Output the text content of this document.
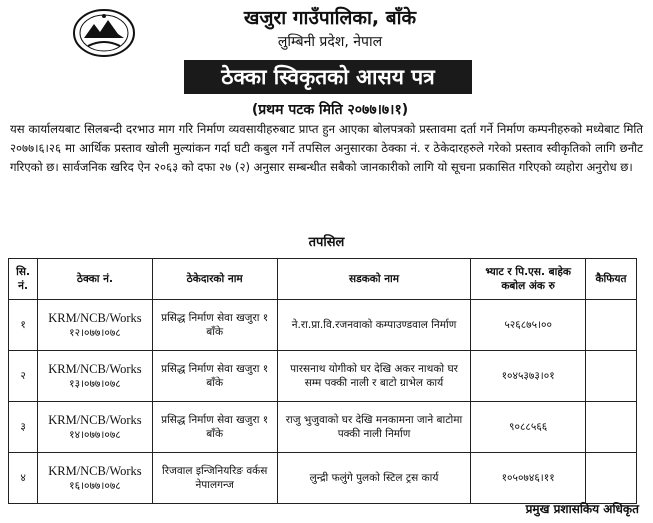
खजुरा गाउँपालिका, बाँके
लुम्बिनी प्रदेश, नेपाल
ठेक्का स्विकृतको आसय पत्र
(प्रथम पटक मिति २०७७।७।१)
यस कार्यालयबाट सिलबन्दी दरभाउ माग गरि निर्माण व्यवसायीहरुबाट प्राप्त हुन आएका बोलपत्रको प्रस्तावमा दर्ता गर्ने निर्माण कम्पनीहरुको मध्येबाट मिति २०७७।६।२६ मा आर्थिक प्रस्ताव खोली मुल्यांकन गर्दा घटी कबुल गर्ने तपसिल अनुसारका ठेक्का नं. र ठेकेदारहरुले गरेको प्रस्ताव स्वीकृतिको लागि छनौट गरिएको छ। सार्वजनिक खरिद ऐन २०६३ को दफा २७ (२) अनुसार सम्बन्धीत सबैको जानकारीको लागि यो सूचना प्रकासित गरिएको व्यहोरा अनुरोध छ।
तपसिल
सि. नं.	ठेक्का नं.	ठेकेदारको नाम	सडकको नाम	भ्याट र पि.एस. बाहेक कबोल अंक रु	कैफियत
१	KRM/NCB/Works
१२।०७७।०७८	प्रसिद्ध निर्माण सेवा खजुरा १ बाँके	ने.रा.प्रा.वि.रजनवाको कम्पाउण्डवाल निर्माण	५२६८७५।००	
२	KRM/NCB/Works
१३।०७७।०७८	प्रसिद्ध निर्माण सेवा खजुरा १ बाँके	पारसनाथ योगीको घर देखि अकर नाथको घर सम्म पक्की नाली र बाटो ग्राभेल कार्य	१०४५३७३।०१	
३	KRM/NCB/Works
१४।०७७।०७८	प्रसिद्ध निर्माण सेवा खजुरा १ बाँके	राजु भुजुवाको घर देखि मनकामना जाने बाटोमा पक्की नाली निर्माण	९०८८५६६	
४	KRM/NCB/Works
१६।०७७।०७८	रिजवाल इन्जिनियरिङ वर्कस नेपालगन्ज	लुन्द्री फलुंगे पुलको स्टिल ट्रस कार्य	१०५०७४६।११	
प्रमुख प्रशासकिय अधिकृत
